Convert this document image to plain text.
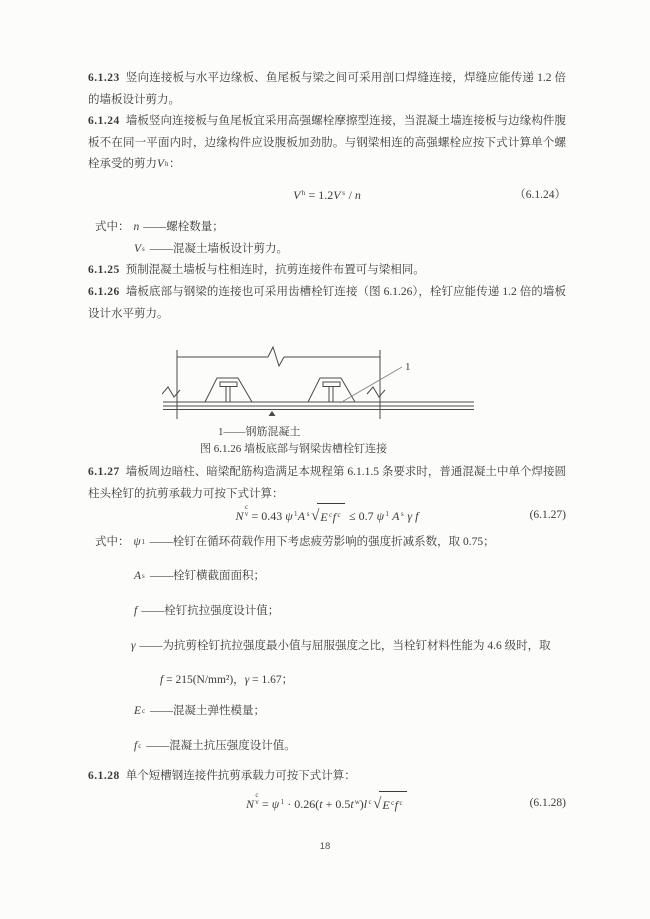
6.1.23 竖向连接板与水平边缘板、鱼尾板与梁之间可采用剖口焊缝连接，焊缝应能传递 1.2 倍的墙板设计剪力。
6.1.24 墙板竖向连接板与鱼尾板宜采用高强螺栓摩擦型连接，当混凝土墙连接板与边缘构件腹板不在同一平面内时，边缘构件应设腹板加劲肋。与钢梁相连的高强螺栓应按下式计算单个螺栓承受的剪力 V h ：
V h = 1.2 V s / n	（6.1.24）
式中： n ——螺栓数量；
V s ——混凝土墙板设计剪力。
6.1.25 预制混凝土墙板与柱相连时，抗剪连接件布置可与梁相同。
6.1.26 墙板底部与钢梁的连接也可采用齿槽栓钉连接（图 6.1.26），栓钉应能传递 1.2 倍的墙板设计水平剪力。
1
1——钢筋混凝土
图 6.1.26 墙板底部与钢梁齿槽栓钉连接
6.1.27 墙板周边暗柱、暗梁配筋构造满足本规程第 6.1.1.5 条要求时，普通混凝土中单个焊接圆柱头栓钉的抗剪承载力可按下式计算：
N
c
v = 0.43 ψ 1 A s √ E c f c ≤ 0.7 ψ 1
A s
γ
f	(6.1.27)
式中： ψ 1 ——栓钉在循环荷载作用下考虑疲劳影响的强度折减系数，取 0.75；
A s ——栓钉横截面面积；
f ——栓钉抗拉强度设计值；
γ ——为抗剪栓钉抗拉强度最小值与屈服强度之比，当栓钉材料性能为 4.6 级时，取
f = 215(N/mm²)， γ = 1.67；
E c ——混凝土弹性模量；
f c ——混凝土抗压强度设计值。
6.1.28 单个短槽钢连接件抗剪承载力可按下式计算：
N
c
v = ψ 1 · 0.26( t + 0.5 t w ) l c √ E c f c	(6.1.28)
18
